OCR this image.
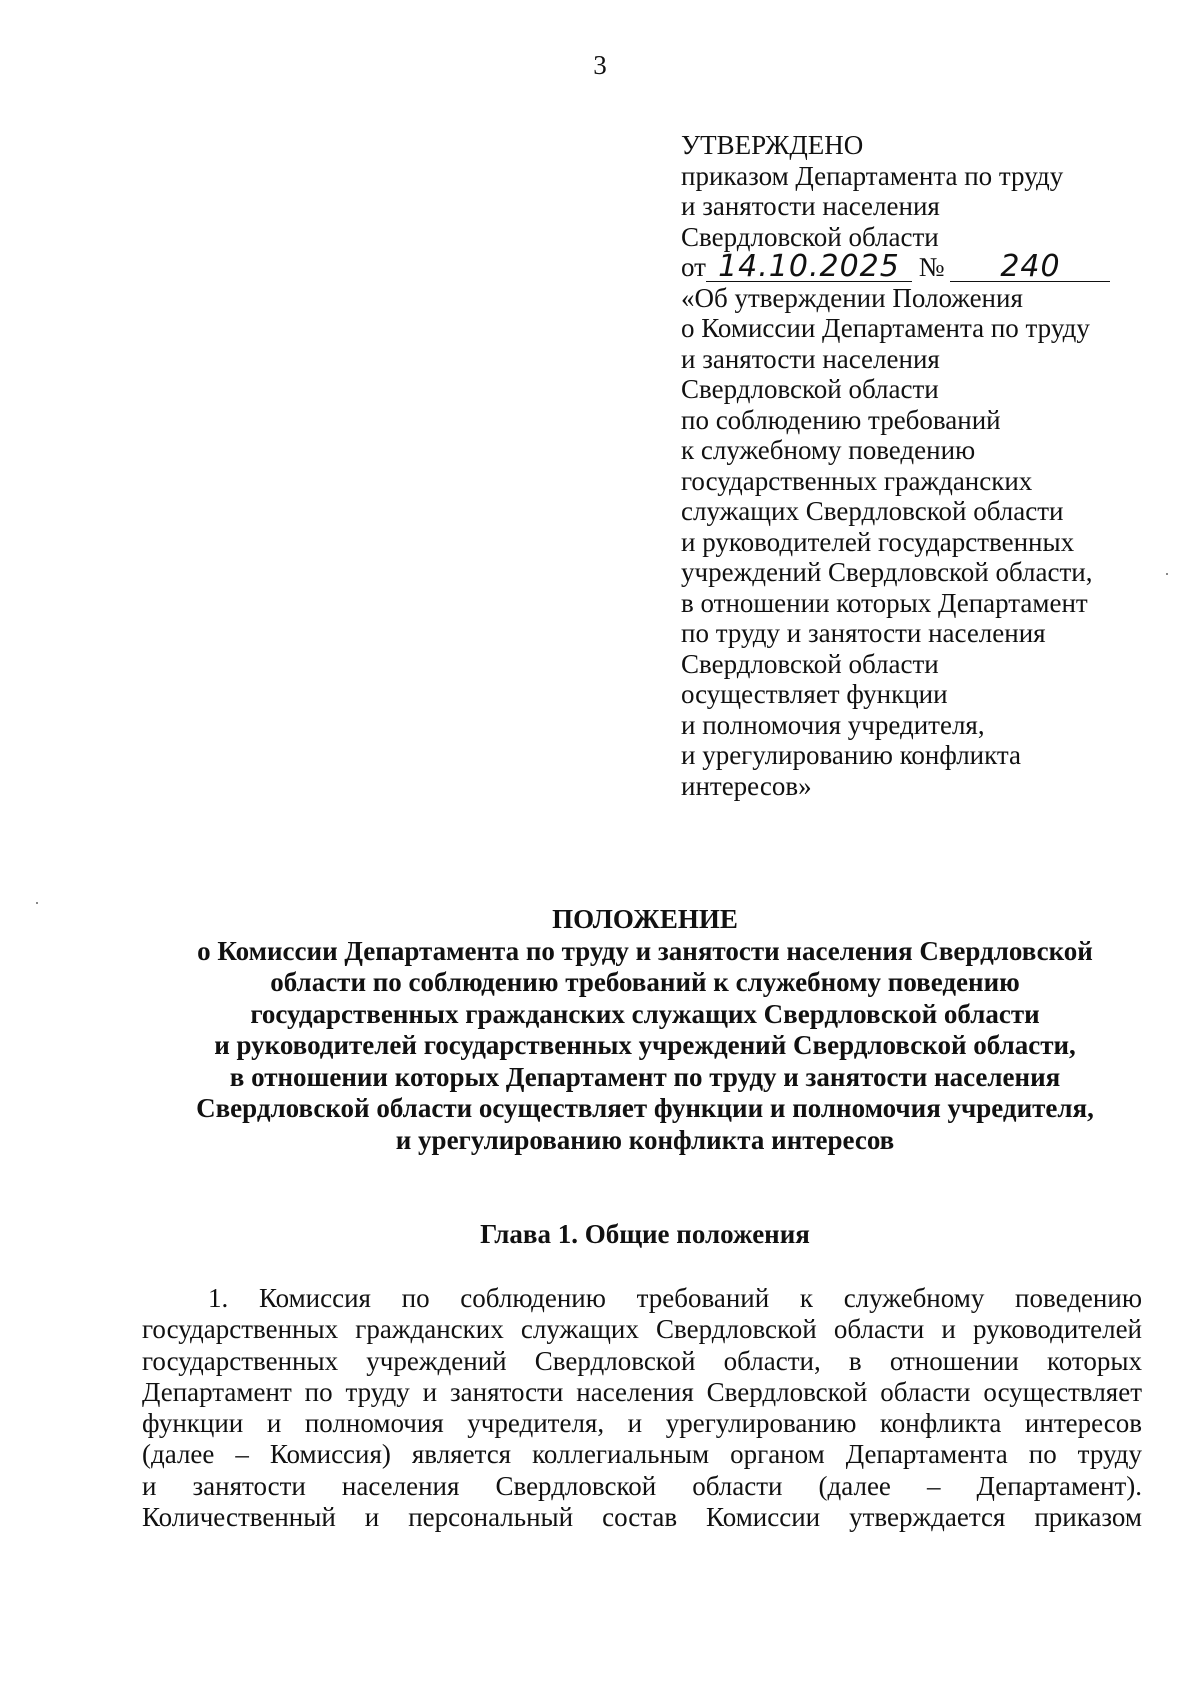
3
УТВЕРЖДЕНО
приказом Департамента по труду
и занятости населения
Свердловской области
от 14.10.2025 № 240
«Об утверждении Положения
о Комиссии Департамента по труду
и занятости населения
Свердловской области
по соблюдению требований
к служебному поведению
государственных гражданских
служащих Свердловской области
и руководителей государственных
учреждений Свердловской области,
в отношении которых Департамент
по труду и занятости населения
Свердловской области
осуществляет функции
и полномочия учредителя,
и урегулированию конфликта
интересов»
ПОЛОЖЕНИЕ
о Комиссии Департамента по труду и занятости населения Свердловской
области по соблюдению требований к служебному поведению
государственных гражданских служащих Свердловской области
и руководителей государственных учреждений Свердловской области,
в отношении которых Департамент по труду и занятости населения
Свердловской области осуществляет функции и полномочия учредителя,
и урегулированию конфликта интересов
Глава 1. Общие положения
1. Комиссия по соблюдению требований к служебному поведению
государственных гражданских служащих Свердловской области и руководителей
государственных учреждений Свердловской области, в отношении которых
Департамент по труду и занятости населения Свердловской области осуществляет
функции и полномочия учредителя, и урегулированию конфликта интересов
(далее – Комиссия) является коллегиальным органом Департамента по труду
и занятости населения Свердловской области (далее – Департамент).
Количественный и персональный состав Комиссии утверждается приказом
